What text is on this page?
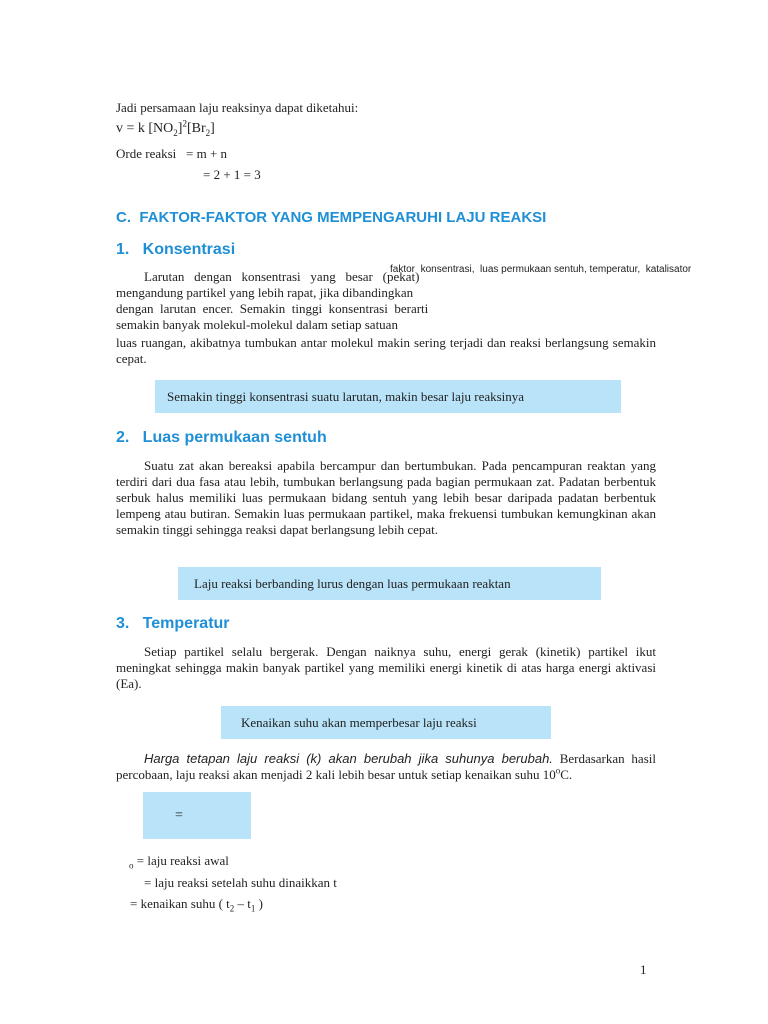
Jadi persamaan laju reaksinya dapat diketahui:
v = k $[NO_2]^2[Br_2]$
Orde reaksi   = m + n
= 2 + 1 = 3
C.  FAKTOR-FAKTOR YANG MEMPENGARUHI LAJU REAKSI
1.   Konsentrasi
faktor  konsentrasi,  luas permukaan sentuh, temperatur,  katalisator
Larutan   dengan   konsentrasi   yang   besar   (pekat)
mengandung partikel yang lebih rapat, jika dibandingkan
dengan  larutan  encer.  Semakin  tinggi  konsentrasi  berarti
semakin banyak molekul-molekul dalam setiap satuan
luas ruangan, akibatnya tumbukan antar molekul makin sering terjadi dan reaksi berlangsung semakin cepat.
Semakin tinggi konsentrasi suatu larutan, makin besar laju reaksinya
2.   Luas permukaan sentuh
Suatu zat akan bereaksi apabila bercampur dan bertumbukan. Pada pencampuran reaktan yang terdiri dari dua fasa atau lebih, tumbukan berlangsung pada bagian permukaan zat. Padatan berbentuk serbuk halus memiliki luas permukaan bidang sentuh yang lebih besar daripada padatan berbentuk lempeng atau butiran. Semakin luas permukaan partikel, maka frekuensi tumbukan kemungkinan akan semakin tinggi sehingga reaksi dapat berlangsung lebih cepat.
Laju reaksi berbanding lurus dengan luas permukaan reaktan
3.   Temperatur
Setiap partikel selalu bergerak. Dengan naiknya suhu, energi gerak (kinetik) partikel ikut meningkat sehingga makin banyak partikel yang memiliki energi kinetik di atas harga energi aktivasi (Ea).
Kenaikan suhu akan memperbesar laju reaksi
Harga tetapan laju reaksi (k) akan berubah jika suhunya berubah. Berdasarkan hasil percobaan, laju reaksi akan menjadi 2 kali lebih besar untuk setiap kenaikan suhu $10^oC$.
=
$_o$ = laju reaksi awal
= laju reaksi setelah suhu dinaikkan t
= kenaikan suhu ( $t_2 - t_1$ )
1
